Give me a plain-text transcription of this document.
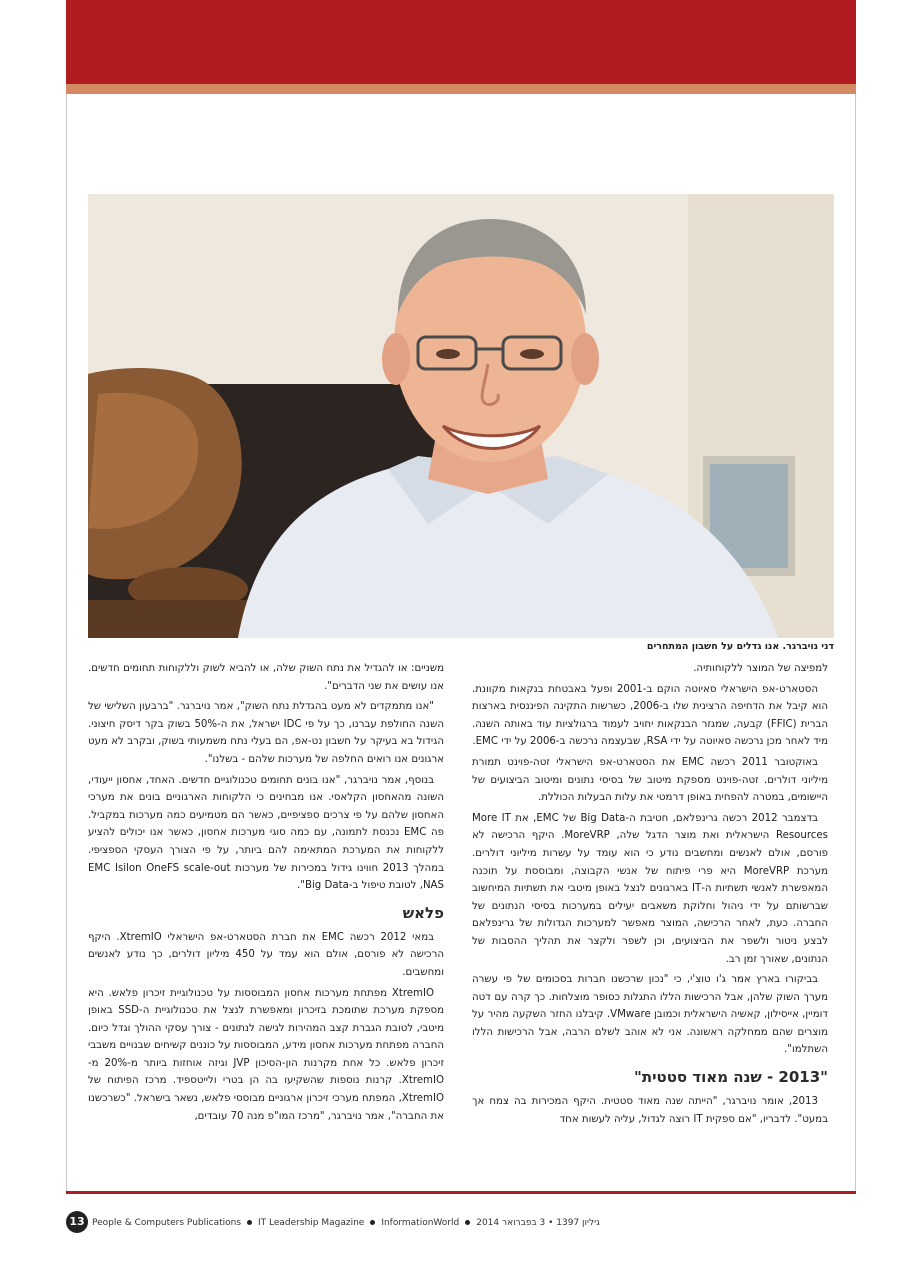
דני נויברגר. אנו גדלים על חשבון המתחרים

למפיצה של המוצר ללקוחותיה.

הסטארט-אפ הישראלי סאיוטה הוקם ב-2001 ופעל באבטחת בנקאות מקוונת. הוא קיבל את הדחיפה הרצינית שלו ב-2006, כשרשות התקינה הפיננסית בארצות הברית (FFIC) קבעה, שמגזר הבנקאות יחויב לעמוד ברגולציות עוד באותה השנה. מיד לאחר מכן נרכשה סאיוטה על ידי RSA, שבעצמה נרכשה ב-2006 על ידי EMC.

באוקטובר 2011 רכשה EMC את הסטארט-אפ הישראלי זטה-פוינט תמורת מיליוני דולרים. זטה-פוינט מספקת מיטוב של בסיסי נתונים ומיטוב הביצועים של היישומים, במטרה להפחית באופן דרמטי את עלות הבעלות הכוללת.

בדצמבר 2012 רכשה גרינפלאם, חטיבת ה-Big Data של EMC, את More IT Resources הישראלית ואת מוצר הדגל שלה, MoreVRP. היקף הרכישה לא פורסם, אולם לאנשים ומחשבים נודע כי הוא עומד על עשרות מיליוני דולרים. מערכת MoreVRP היא פרי פיתוח של אנשי הקבוצה, ומבוססת על תוכנה המאפשרת לאנשי תשתיות ה-IT בארגונים לנצל באופן מיטבי את תשתיות המיחשוב שברשותם על ידי ניהול וחלוקת משאבים יעילים במערכות בסיסי הנתונים של החברה. כעת, לאחר הרכישה, המוצר מאפשר למערכות הגדולות של גרינפלאם לבצע ניטור ולשפר את הביצועים, וכן לשפר ולקצר את תהליך ההסבות של הנתונים, שאורך זמן רב.

בביקורו בארץ אמר ג'ו טוצ'י, כי "נכון שרכשנו חברות בסכומים של פי עשרה מערך השוק שלהן, אבל הרכישות הללו התגלות כסופר מוצלחות. כך קרה עם דטה דומיין, אייסילון, קאשיה הישראלית וכמובן VMware. קיבלנו החזר השקעה מהיר על מוצרים שהם ממחלקה ראשונה. אני לא אוהב לשלם הרבה, אבל הרכישות הללו השתלמו".

"2013 - שנה מאוד סטטית"

2013, אומר נויברגר, "הייתה שנה מאוד סטטית. היקף המכירות בה צמח אך במעט". לדבריו, "אם ספקית IT רוצה לגדול, עליה לעשות אחד

משניים: או להגדיל את נתח השוק שלה, או להביא לשוק וללקוחות תחומים חדשים. אנו עושים את שני הדברים".

"אנו מתמקדים לא מעט בהגדלת נתח השוק", אמר נויברגר. "ברבעון השלישי של השנה החולפת עברנו, כך על פי IDC ישראל, את ה-50% בשוק בקר דיסק חיצוני. הגידול בא בעיקר על חשבון נט-אפ, הם בעלי נתח משמעותי בשוק, ובקרב לא מעט ארגונים אנו רואים החלפה של מערכות שלהם - בשלנו".

בנוסף, אמר נויברגר, "אנו בונים תחומים טכנולוגיים חדשים. האחד, אחסון ייעודי, השונה מהאחסון הקלאסי. אנו מבחינים כי הלקוחות הארגוניים בונים את מערכי האחסון שלהם על פי צרכים ספציפיים, כאשר הם מטמיעים כמה מערכות במקביל. פה EMC נכנסת לתמונה, עם כמה סוגי מערכות אחסון, כאשר אנו יכולים להציע ללקוחות את המערכת המתאימה להם ביותר, על פי הצורך העסקי הספציפי. במהלך 2013 חווינו גידול במכירות של מערכות EMC Isilon OneFS scale-out NAS, לטובת טיפול ב-Big Data".

פלאש

במאי 2012 רכשה EMC את חברת הסטארט-אפ הישראלי XtremIO. היקף הרכישה לא פורסם, אולם הוא עמד על 450 מיליון דולרים, כך נודע לאנשים ומחשבים.

XtremIO מפתחת מערכות אחסון המבוססות על טכנולוגיית זיכרון פלאש. היא מספקת מערכת שתומכת בזיכרון ומאפשרת לנצל את טכנולוגיית ה-SSD באופן מיטבי, לטובת הגברת קצב המהירות לגישה לנתונים - צורך עסקי ההולך וגדל כיום. החברה מפתחת מערכות אחסון מידע, המבוססות על כוננים קשיחים שבנויים משבבי זיכרון פלאש. כל אחת מקרנות הון-הסיכון JVP וגיזה אוחזות ביותר מ-20% מ-XtremIO. קרנות נוספות שהשקיעו בה הן בטרי ולייטספיד. מרכז הפיתוח של XtremIO, המפתח מערכי זיכרון ארגוניים מבוססי פלאש, נשאר בישראל. "כשרכשנו את החברה", אמר נויברגר, "מרכז המו"פ מנה 70 עובדים,

13 People & Computers Publications IT Leadership Magazine InformationWorld גיליון 1397 • 3 בפברואר 2014
